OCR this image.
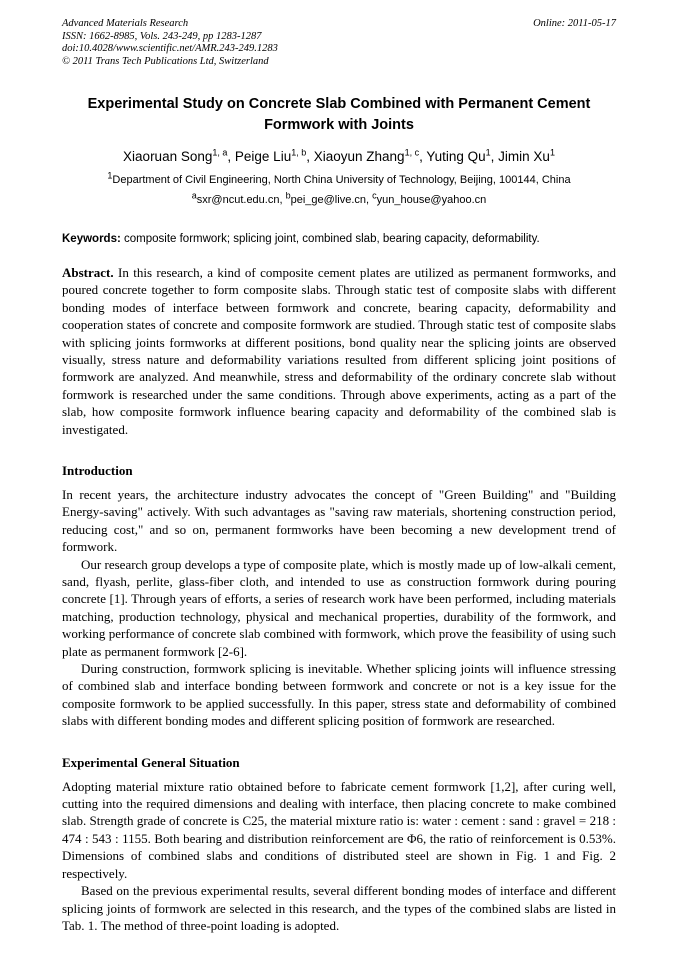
Advanced Materials Research
ISSN: 1662-8985, Vols. 243-249, pp 1283-1287
doi:10.4028/www.scientific.net/AMR.243-249.1283
© 2011 Trans Tech Publications Ltd, Switzerland
Online: 2011-05-17
Experimental Study on Concrete Slab Combined with Permanent Cement Formwork with Joints
Xiaoruan Song$^{1, a}$, Peige Liu$^{1, b}$, Xiaoyun Zhang$^{1, c}$, Yuting Qu$^1$, Jimin Xu$^1$
$^1$Department of Civil Engineering, North China University of Technology, Beijing, 100144, China
$^a$sxr@ncut.edu.cn, $^b$pei_ge@live.cn, $^c$yun_house@yahoo.cn
Keywords: composite formwork; splicing joint, combined slab, bearing capacity, deformability.

Abstract. In this research, a kind of composite cement plates are utilized as permanent formworks, and poured concrete together to form composite slabs. Through static test of composite slabs with different bonding modes of interface between formwork and concrete, bearing capacity, deformability and cooperation states of concrete and composite formwork are studied. Through static test of composite slabs with splicing joints formworks at different positions, bond quality near the splicing joints are observed visually, stress nature and deformability variations resulted from different splicing joint positions of formwork are analyzed. And meanwhile, stress and deformability of the ordinary concrete slab without formwork is researched under the same conditions. Through above experiments, acting as a part of the slab, how composite formwork influence bearing capacity and deformability of the combined slab is investigated.

Introduction

In recent years, the architecture industry advocates the concept of "Green Building" and "Building Energy-saving" actively. With such advantages as "saving raw materials, shortening construction period, reducing cost," and so on, permanent formworks have been becoming a new development trend of formwork.

Our research group develops a type of composite plate, which is mostly made up of low-alkali cement, sand, flyash, perlite, glass-fiber cloth, and intended to use as construction formwork during pouring concrete [1]. Through years of efforts, a series of research work have been performed, including materials matching, production technology, physical and mechanical properties, durability of the formwork, and working performance of concrete slab combined with formwork, which prove the feasibility of using such plate as permanent formwork [2-6].

During construction, formwork splicing is inevitable. Whether splicing joints will influence stressing of combined slab and interface bonding between formwork and concrete or not is a key issue for the composite formwork to be applied successfully. In this paper, stress state and deformability of combined slabs with different bonding modes and different splicing position of formwork are researched.

Experimental General Situation

Adopting material mixture ratio obtained before to fabricate cement formwork [1,2], after curing well, cutting into the required dimensions and dealing with interface, then placing concrete to make combined slab. Strength grade of concrete is C25, the material mixture ratio is: water : cement : sand : gravel = 218 : 474 : 543 : 1155. Both bearing and distribution reinforcement are Φ6, the ratio of reinforcement is 0.53%. Dimensions of combined slabs and conditions of distributed steel are shown in Fig. 1 and Fig. 2 respectively.

Based on the previous experimental results, several different bonding modes of interface and different splicing joints of formwork are selected in this research, and the types of the combined slabs are listed in Tab. 1. The method of three-point loading is adopted.
